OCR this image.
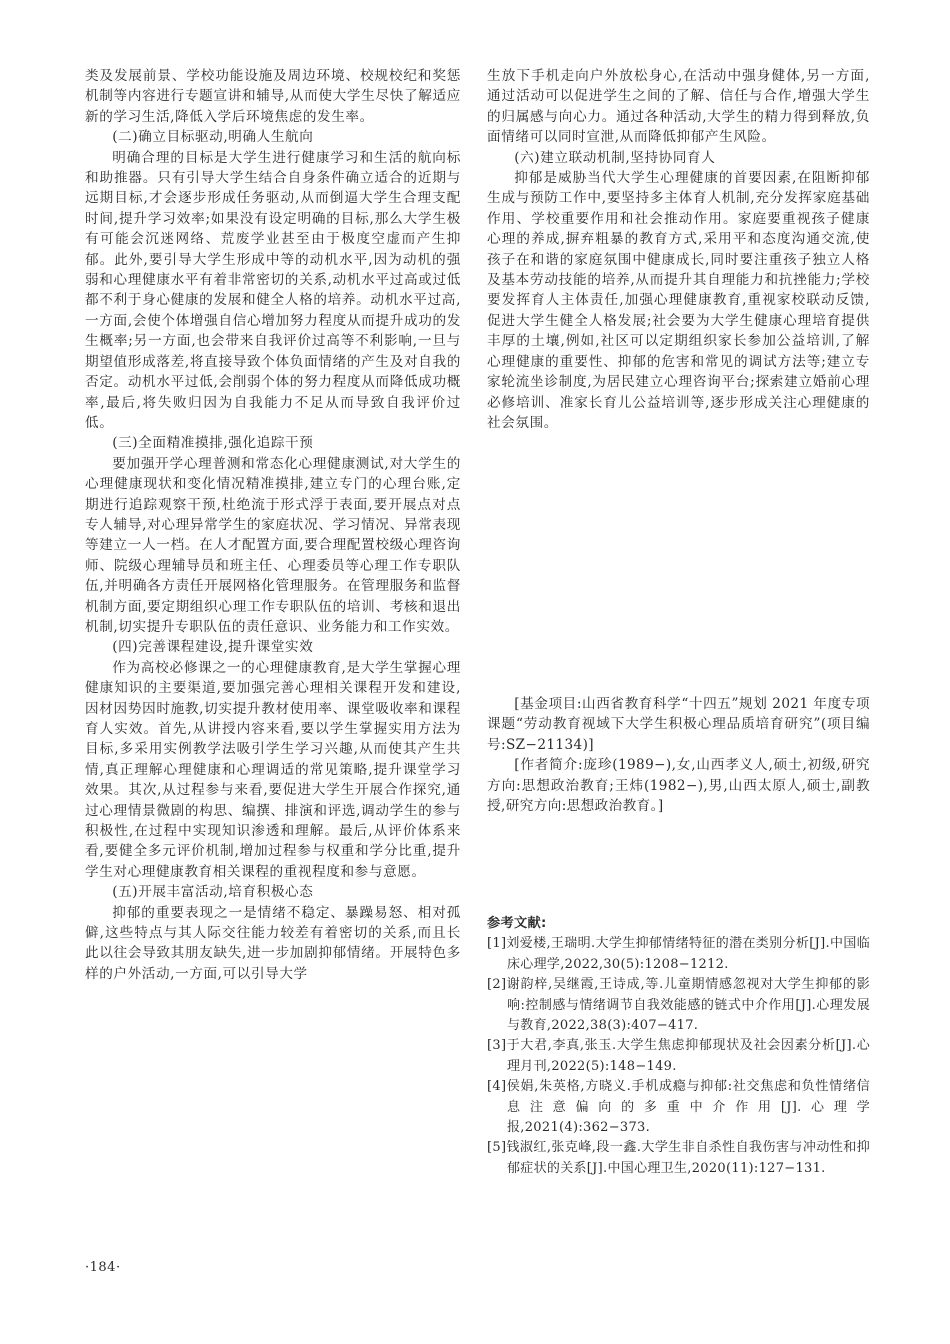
类及发展前景、学校功能设施及周边环境、校规校纪和奖惩机制等内容进行专题宣讲和辅导,从而使大学生尽快了解适应新的学习生活,降低入学后环境焦虑的发生率。

(二)确立目标驱动,明确人生航向

明确合理的目标是大学生进行健康学习和生活的航向标和助推器。只有引导大学生结合自身条件确立适合的近期与远期目标,才会逐步形成任务驱动,从而倒逼大学生合理支配时间,提升学习效率;如果没有设定明确的目标,那么大学生极有可能会沉迷网络、荒废学业甚至由于极度空虚而产生抑郁。此外,要引导大学生形成中等的动机水平,因为动机的强弱和心理健康水平有着非常密切的关系,动机水平过高或过低都不利于身心健康的发展和健全人格的培养。动机水平过高,一方面,会使个体增强自信心增加努力程度从而提升成功的发生概率;另一方面,也会带来自我评价过高等不利影响,一旦与期望值形成落差,将直接导致个体负面情绪的产生及对自我的否定。动机水平过低,会削弱个体的努力程度从而降低成功概率,最后,将失败归因为自我能力不足从而导致自我评价过低。

(三)全面精准摸排,强化追踪干预

要加强开学心理普测和常态化心理健康测试,对大学生的心理健康现状和变化情况精准摸排,建立专门的心理台账,定期进行追踪观察干预,杜绝流于形式浮于表面,要开展点对点专人辅导,对心理异常学生的家庭状况、学习情况、异常表现等建立一人一档。在人才配置方面,要合理配置校级心理咨询师、院级心理辅导员和班主任、心理委员等心理工作专职队伍,并明确各方责任开展网格化管理服务。在管理服务和监督机制方面,要定期组织心理工作专职队伍的培训、考核和退出机制,切实提升专职队伍的责任意识、业务能力和工作实效。

(四)完善课程建设,提升课堂实效

作为高校必修课之一的心理健康教育,是大学生掌握心理健康知识的主要渠道,要加强完善心理相关课程开发和建设,因材因势因时施教,切实提升教材使用率、课堂吸收率和课程育人实效。首先,从讲授内容来看,要以学生掌握实用方法为目标,多采用实例教学法吸引学生学习兴趣,从而使其产生共情,真正理解心理健康和心理调适的常见策略,提升课堂学习效果。其次,从过程参与来看,要促进大学生开展合作探究,通过心理情景微剧的构思、编撰、排演和评选,调动学生的参与积极性,在过程中实现知识渗透和理解。最后,从评价体系来看,要健全多元评价机制,增加过程参与权重和学分比重,提升学生对心理健康教育相关课程的重视程度和参与意愿。

(五)开展丰富活动,培育积极心态

抑郁的重要表现之一是情绪不稳定、暴躁易怒、相对孤僻,这些特点与其人际交往能力较差有着密切的关系,而且长此以往会导致其朋友缺失,进一步加剧抑郁情绪。开展特色多样的户外活动,一方面,可以引导大学

生放下手机走向户外放松身心,在活动中强身健体,另一方面,通过活动可以促进学生之间的了解、信任与合作,增强大学生的归属感与向心力。通过各种活动,大学生的精力得到释放,负面情绪可以同时宣泄,从而降低抑郁产生风险。

(六)建立联动机制,坚持协同育人

抑郁是威胁当代大学生心理健康的首要因素,在阻断抑郁生成与预防工作中,要坚持多主体育人机制,充分发挥家庭基础作用、学校重要作用和社会推动作用。家庭要重视孩子健康心理的养成,摒弃粗暴的教育方式,采用平和态度沟通交流,使孩子在和谐的家庭氛围中健康成长,同时要注重孩子独立人格及基本劳动技能的培养,从而提升其自理能力和抗挫能力;学校要发挥育人主体责任,加强心理健康教育,重视家校联动反馈,促进大学生健全人格发展;社会要为大学生健康心理培育提供丰厚的土壤,例如,社区可以定期组织家长参加公益培训,了解心理健康的重要性、抑郁的危害和常见的调试方法等;建立专家轮流坐诊制度,为居民建立心理咨询平台;探索建立婚前心理必修培训、准家长育儿公益培训等,逐步形成关注心理健康的社会氛围。

[基金项目:山西省教育科学“十四五”规划 2021 年度专项课题“劳动教育视域下大学生积极心理品质培育研究”(项目编号:SZ−21134)]

[作者简介:庞珍(1989−),女,山西孝义人,硕士,初级,研究方向:思想政治教育;王炜(1982−),男,山西太原人,硕士,副教授,研究方向:思想政治教育。]

参考文献:

[1]刘爱楼,王瑞明.大学生抑郁情绪特征的潜在类别分析[J].中国临床心理学,2022,30(5):1208−1212.

[2]谢韵梓,吴继霞,王诗成,等.儿童期情感忽视对大学生抑郁的影响:控制感与情绪调节自我效能感的链式中介作用[J].心理发展与教育,2022,38(3):407−417.

[3]于大君,李真,张玉.大学生焦虑抑郁现状及社会因素分析[J].心理月刊,2022(5):148−149.

[4]侯娟,朱英格,方晓义.手机成瘾与抑郁:社交焦虑和负性情绪信息注意偏向的多重中介作用[J].心理学报,2021(4):362−373.

[5]钱淑红,张克峰,段一鑫.大学生非自杀性自我伤害与冲动性和抑郁症状的关系[J].中国心理卫生,2020(11):127−131.

·184·
